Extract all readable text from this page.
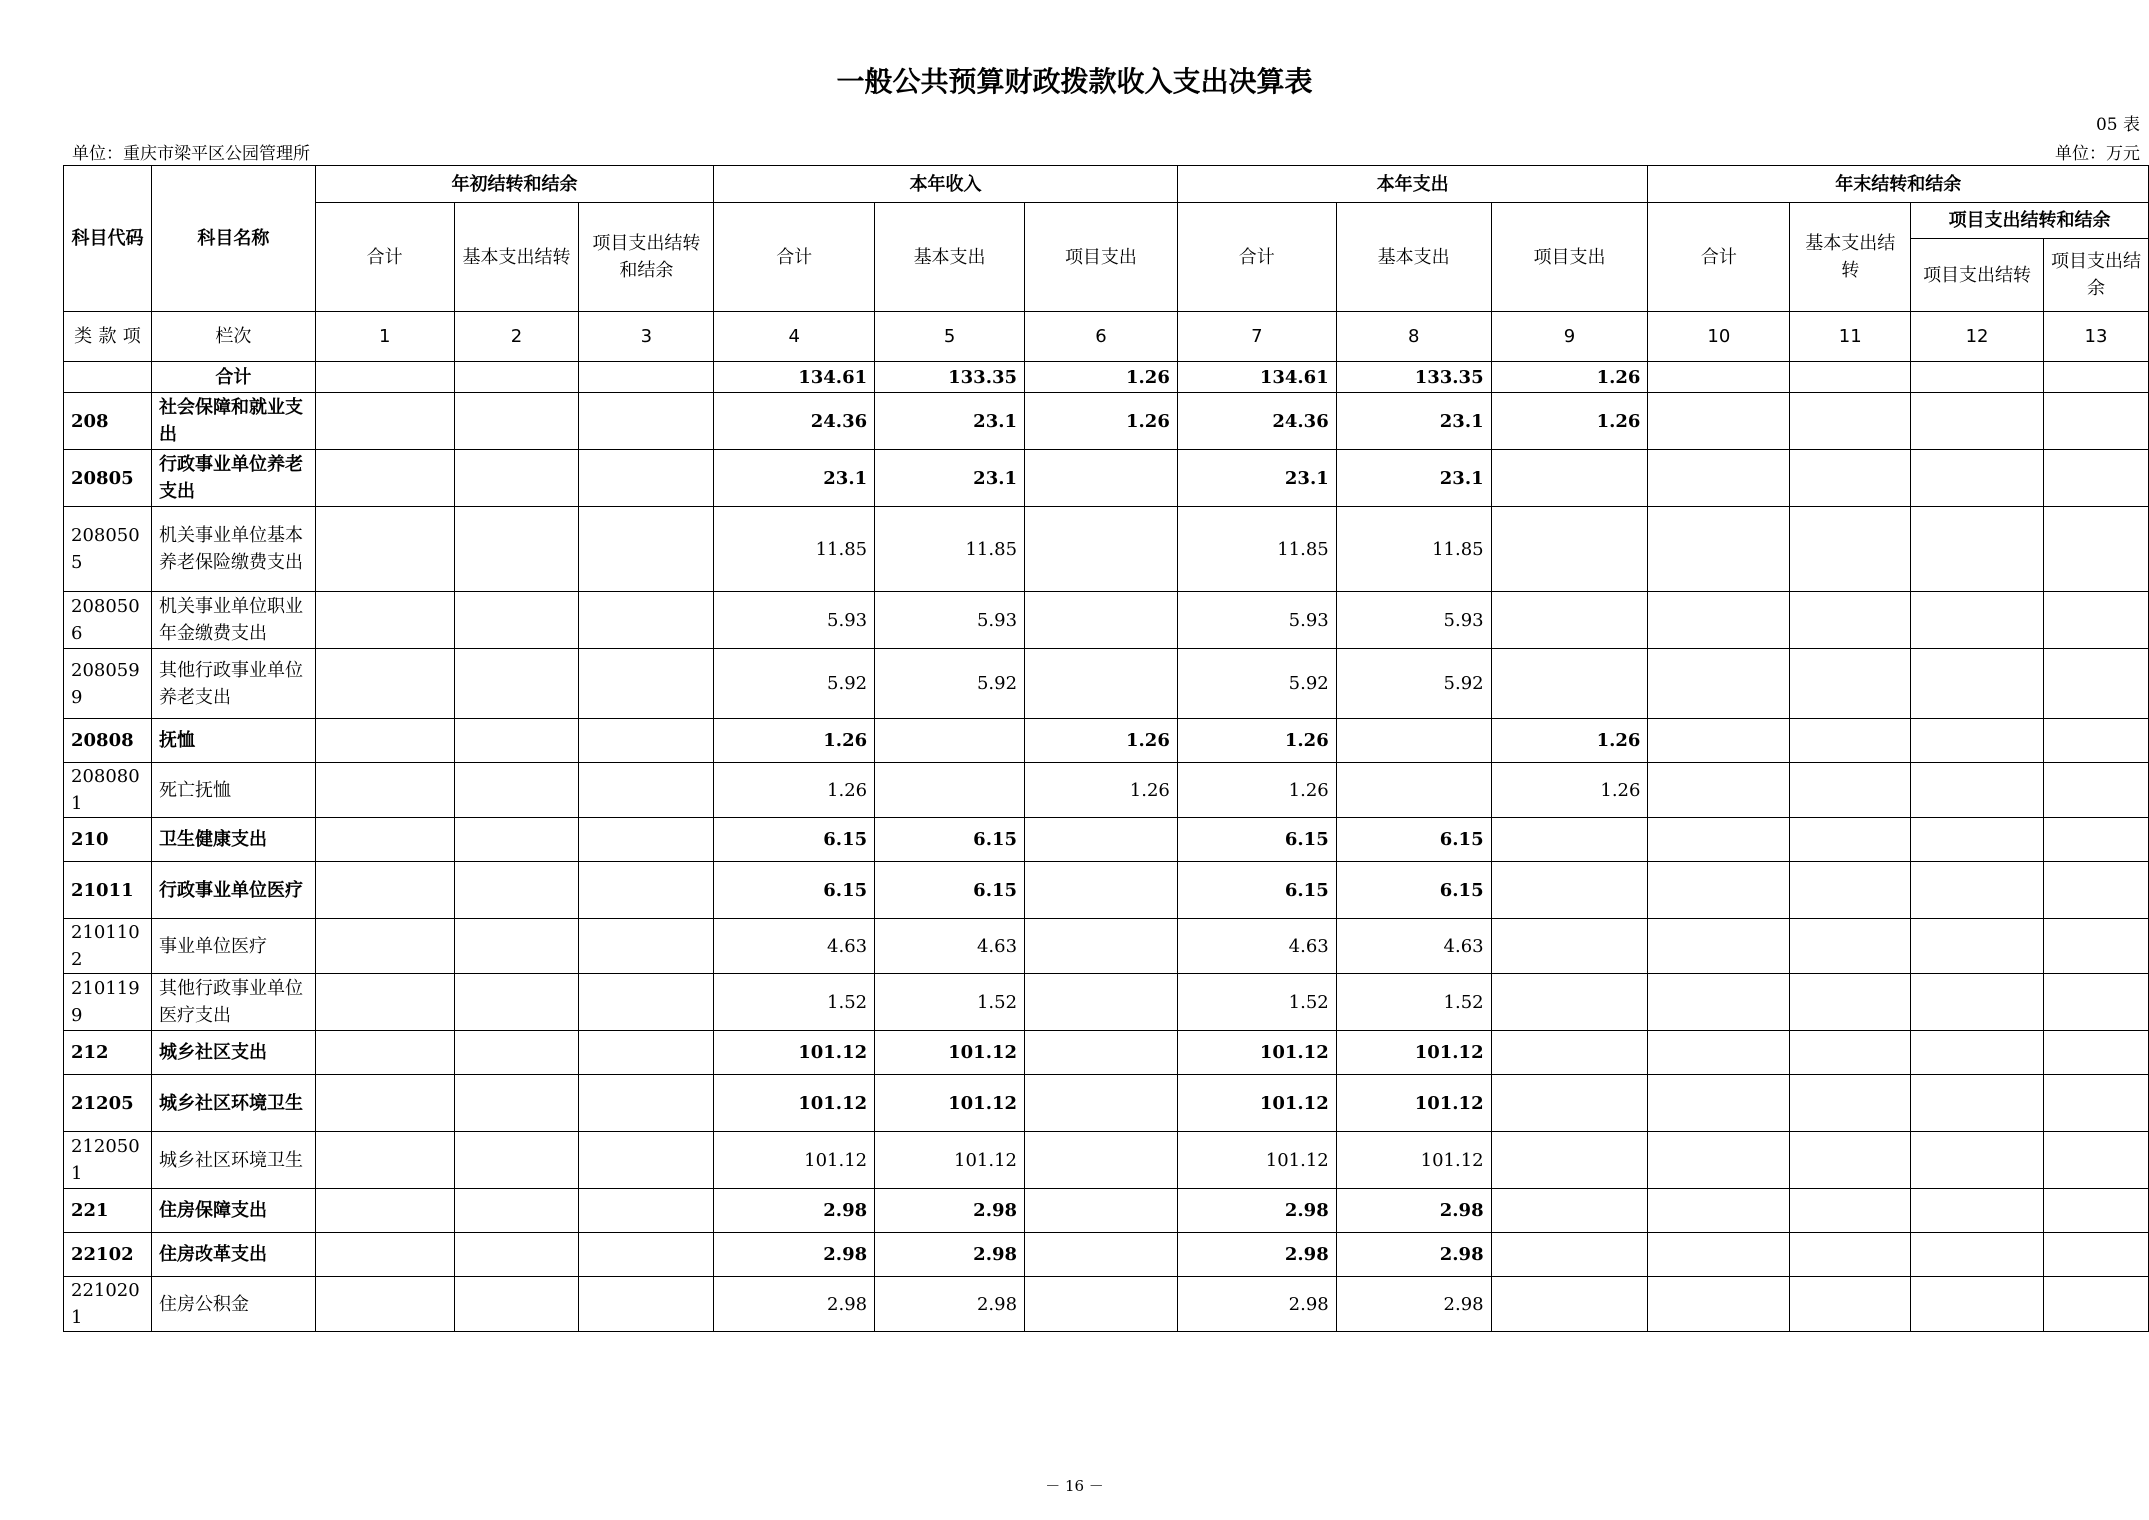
一般公共预算财政拨款收入支出决算表
05 表
单位：重庆市梁平区公园管理所	单位：万元
科目代码	科目名称	年初结转和结余			本年收入			本年支出			年末结转和结余			
		合计	基本支出结转	项目支出结转和结余	合计	基本支出	项目支出	合计	基本支出	项目支出	合计	基本支出结转	项目支出结转和结余	
													项目支出结转	项目支出结余

类 款 项	栏次	1	2	3	4	5	6	7	8	9	10	11	12	13
	合计				134.61	133.35	1.26	134.61	133.35	1.26				
208	社会保障和就业支出				24.36	23.1	1.26	24.36	23.1	1.26				
20805	行政事业单位养老支出				23.1	23.1		23.1	23.1					
2080505	机关事业单位基本养老保险缴费支出				11.85	11.85		11.85	11.85					
2080506	机关事业单位职业年金缴费支出				5.93	5.93		5.93	5.93					
2080599	其他行政事业单位养老支出				5.92	5.92		5.92	5.92					
20808	抚恤				1.26		1.26	1.26		1.26				
2080801	死亡抚恤				1.26		1.26	1.26		1.26				
210	卫生健康支出				6.15	6.15		6.15	6.15					
21011	行政事业单位医疗				6.15	6.15		6.15	6.15					
2101102	事业单位医疗				4.63	4.63		4.63	4.63					
2101199	其他行政事业单位医疗支出				1.52	1.52		1.52	1.52					
212	城乡社区支出				101.12	101.12		101.12	101.12					
21205	城乡社区环境卫生				101.12	101.12		101.12	101.12					
2120501	城乡社区环境卫生				101.12	101.12		101.12	101.12					
221	住房保障支出				2.98	2.98		2.98	2.98					
22102	住房改革支出				2.98	2.98		2.98	2.98					
2210201	住房公积金				2.98	2.98		2.98	2.98					
－ 16 －
